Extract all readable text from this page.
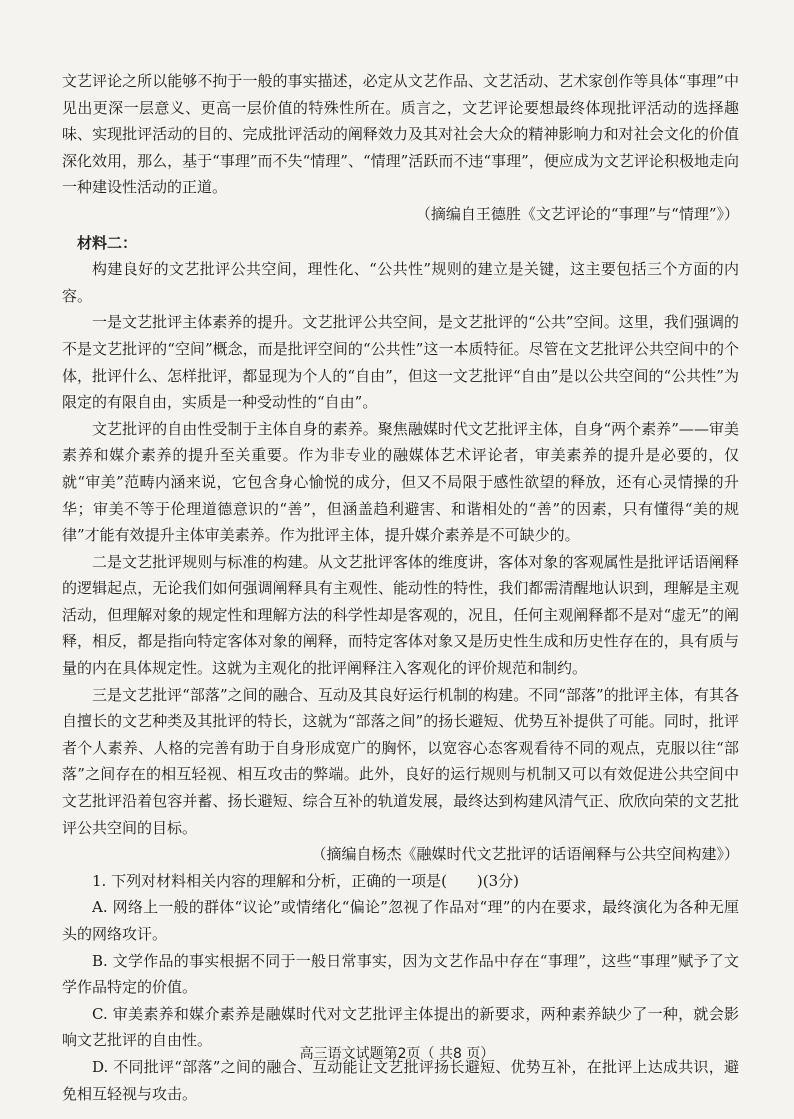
文艺评论之所以能够不拘于一般的事实描述，必定从文艺作品、文艺活动、艺术家创作等具体“事理”中见出更深一层意义、更高一层价值的特殊性所在。质言之，文艺评论要想最终体现批评活动的选择趣味、实现批评活动的目的、完成批评活动的阐释效力及其对社会大众的精神影响力和对社会文化的价值深化效用，那么，基于“事理”而不失“情理”、“情理”活跃而不违“事理”，便应成为文艺评论积极地走向一种建设性活动的正道。

（摘编自王德胜《文艺评论的“事理”与“情理”》）

材料二：

构建良好的文艺批评公共空间，理性化、“公共性”规则的建立是关键，这主要包括三个方面的内容。

一是文艺批评主体素养的提升。文艺批评公共空间，是文艺批评的“公共”空间。这里，我们强调的不是文艺批评的“空间”概念，而是批评空间的“公共性”这一本质特征。尽管在文艺批评公共空间中的个体，批评什么、怎样批评，都显现为个人的“自由”，但这一文艺批评“自由”是以公共空间的“公共性”为限定的有限自由，实质是一种受动性的“自由”。

文艺批评的自由性受制于主体自身的素养。聚焦融媒时代文艺批评主体，自身“两个素养”——审美素养和媒介素养的提升至关重要。作为非专业的融媒体艺术评论者，审美素养的提升是必要的，仅就“审美”范畴内涵来说，它包含身心愉悦的成分，但又不局限于感性欲望的释放，还有心灵情操的升华；审美不等于伦理道德意识的“善”，但涵盖趋利避害、和谐相处的“善”的因素，只有懂得“美的规律”才能有效提升主体审美素养。作为批评主体，提升媒介素养是不可缺少的。

二是文艺批评规则与标准的构建。从文艺批评客体的维度讲，客体对象的客观属性是批评话语阐释的逻辑起点，无论我们如何强调阐释具有主观性、能动性的特性，我们都需清醒地认识到，理解是主观活动，但理解对象的规定性和理解方法的科学性却是客观的，况且，任何主观阐释都不是对“虚无”的阐释，相反，都是指向特定客体对象的阐释，而特定客体对象又是历史性生成和历史性存在的，具有质与量的内在具体规定性。这就为主观化的批评阐释注入客观化的评价规范和制约。

三是文艺批评“部落”之间的融合、互动及其良好运行机制的构建。不同“部落”的批评主体，有其各自擅长的文艺种类及其批评的特长，这就为“部落之间”的扬长避短、优势互补提供了可能。同时，批评者个人素养、人格的完善有助于自身形成宽广的胸怀，以宽容心态客观看待不同的观点，克服以往“部落”之间存在的相互轻视、相互攻击的弊端。此外，良好的运行规则与机制又可以有效促进公共空间中文艺批评沿着包容并蓄、扬长避短、综合互补的轨道发展，最终达到构建风清气正、欣欣向荣的文艺批评公共空间的目标。

（摘编自杨杰《融媒时代文艺批评的话语阐释与公共空间构建》）

1. 下列对材料相关内容的理解和分析，正确的一项是(　　)(3分)

A. 网络上一般的群体“议论”或情绪化“偏论”忽视了作品对“理”的内在要求，最终演化为各种无厘头的网络攻讦。

B. 文学作品的事实根据不同于一般日常事实，因为文艺作品中存在“事理”，这些“事理”赋予了文学作品特定的价值。

C. 审美素养和媒介素养是融媒时代对文艺批评主体提出的新要求，两种素养缺少了一种，就会影响文艺批评的自由性。

D. 不同批评“部落”之间的融合、互动能让文艺批评扬长避短、优势互补，在批评上达成共识，避免相互轻视与攻击。

高三语文试题第2页（ 共8 页）
